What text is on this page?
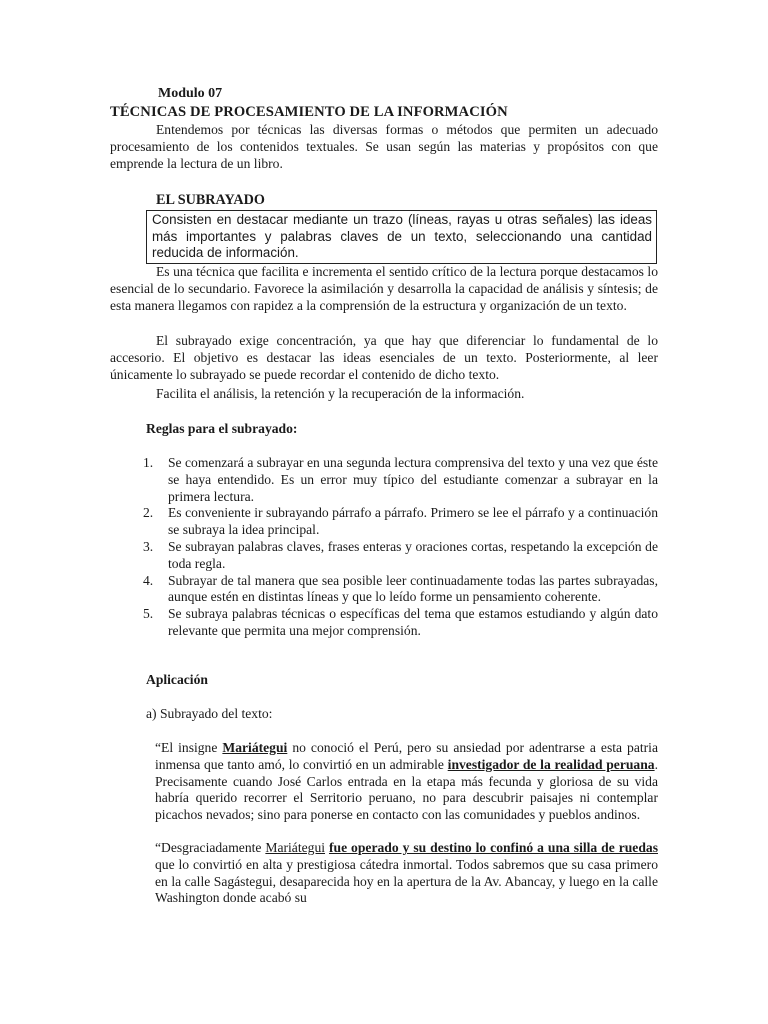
Modulo 07
TÉCNICAS DE PROCESAMIENTO DE LA INFORMACIÓN

Entendemos por técnicas las diversas formas o métodos que permiten un adecuado procesamiento de los contenidos textuales. Se usan según las materias y propósitos con que emprende la lectura de un libro.

EL SUBRAYADO
Consisten en destacar mediante un trazo (líneas, rayas u otras señales) las ideas más importantes y palabras claves de un texto, seleccionando una cantidad reducida de información.

Es una técnica que facilita e incrementa el sentido crítico de la lectura porque destacamos lo esencial de lo secundario. Favorece la asimilación y desarrolla la capacidad de análisis y síntesis; de esta manera llegamos con rapidez a la comprensión de la estructura y organización de un texto.

El subrayado exige concentración, ya que hay que diferenciar lo fundamental de lo accesorio. El objetivo es destacar las ideas esenciales de un texto. Posteriormente, al leer únicamente lo subrayado se puede recordar el contenido de dicho texto.

Facilita el análisis, la retención y la recuperación de la información.

Reglas para el subrayado:
1. Se comenzará a subrayar en una segunda lectura comprensiva del texto y una vez que éste se haya entendido. Es un error muy típico del estudiante comenzar a subrayar en la primera lectura.
2. Es conveniente ir subrayando párrafo a párrafo. Primero se lee el párrafo y a continuación se subraya la idea principal.
3. Se subrayan palabras claves, frases enteras y oraciones cortas, respetando la excepción de toda regla.
4. Subrayar de tal manera que sea posible leer continuadamente todas las partes subrayadas, aunque estén en distintas líneas y que lo leído forme un pensamiento coherente.
5. Se subraya palabras técnicas o específicas del tema que estamos estudiando y algún dato relevante que permita una mejor comprensión.
Aplicación
a) Subrayado del texto:

“El insigne Mariátegui no conoció el Perú, pero su ansiedad por adentrarse a esta patria inmensa que tanto amó, lo convirtió en un admirable investigador de la realidad peruana. Precisamente cuando José Carlos entrada en la etapa más fecunda y gloriosa de su vida habría querido recorrer el Serritorio peruano, no para descubrir paisajes ni contemplar picachos nevados; sino para ponerse en contacto con las comunidades y pueblos andinos.

“Desgraciadamente Mariátegui fue operado y su destino lo confinó a una silla de ruedas que lo convirtió en alta y prestigiosa cátedra inmortal. Todos sabremos que su casa primero en la calle Sagástegui, desaparecida hoy en la apertura de la Av. Abancay, y luego en la calle Washington donde acabó su
